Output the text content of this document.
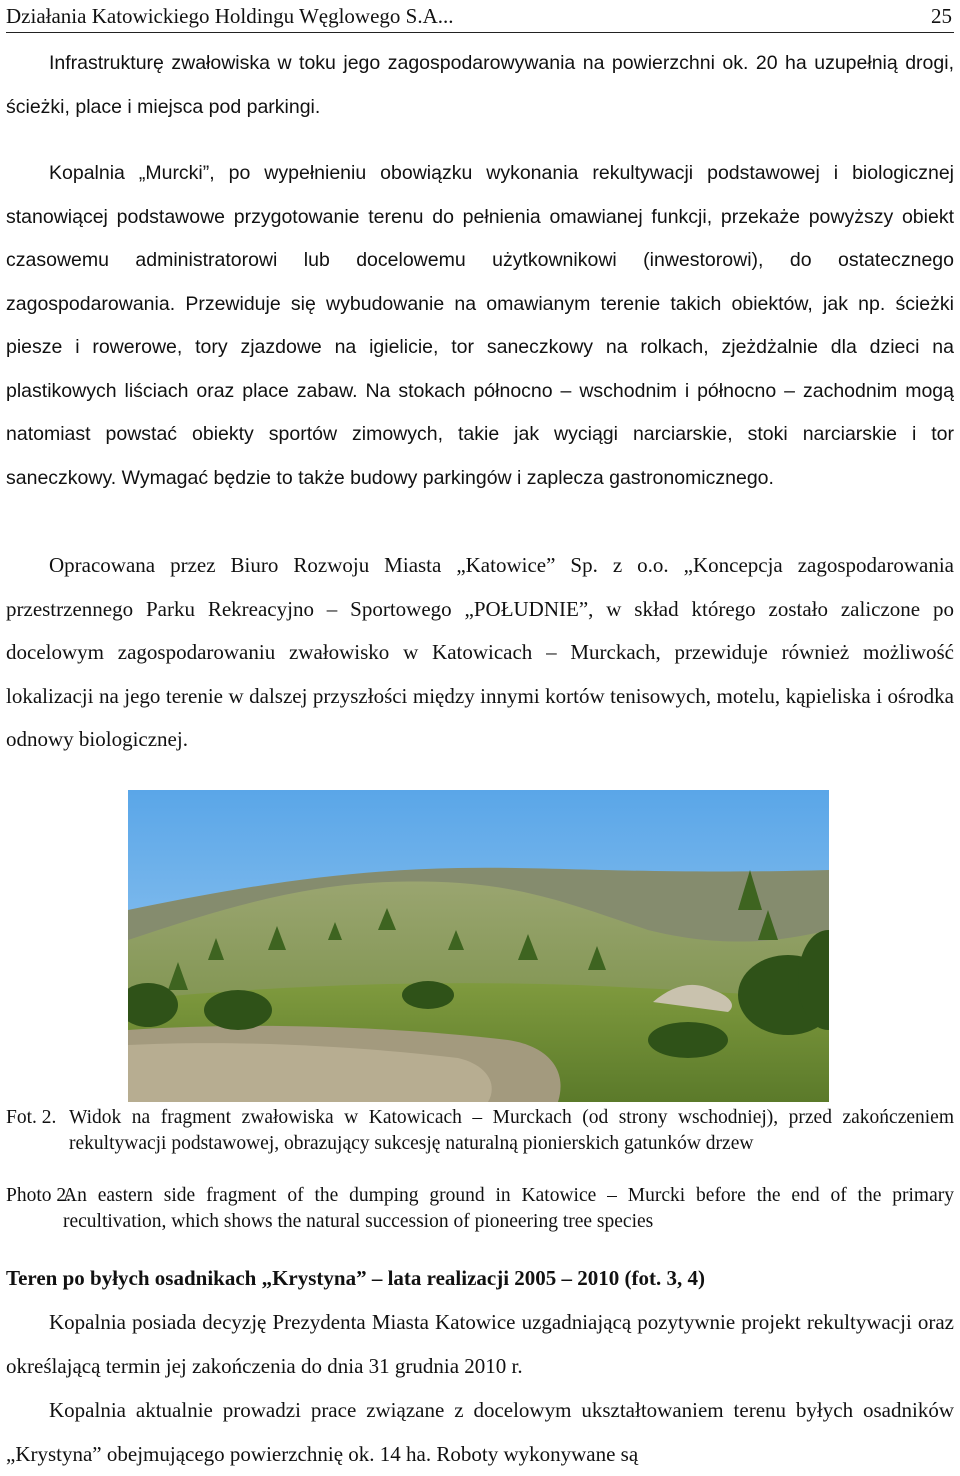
Działania Katowickiego Holdingu Węglowego S.A...	25

Infrastrukturę zwałowiska w toku jego zagospodarowywania na powierzchni ok. 20 ha uzupełnią drogi, ścieżki, place i miejsca pod parkingi.

Kopalnia „Murcki”, po wypełnieniu obowiązku wykonania rekultywacji podstawowej i biologicznej stanowiącej podstawowe przygotowanie terenu do pełnienia omawianej funkcji, przekaże powyższy obiekt czasowemu administratorowi lub docelowemu użytkownikowi (inwestorowi), do ostatecznego zagospodarowania. Przewiduje się wybudowanie na omawianym terenie takich obiektów, jak np. ścieżki piesze i rowerowe, tory zjazdowe na igielicie, tor saneczkowy na rolkach, zjeżdżalnie dla dzieci na plastikowych liściach oraz place zabaw. Na stokach północno – wschodnim i północno – zachodnim mogą natomiast powstać obiekty sportów zimowych, takie jak wyciągi narciarskie, stoki narciarskie i tor saneczkowy. Wymagać będzie to także budowy parkingów i zaplecza gastronomicznego.

Opracowana przez Biuro Rozwoju Miasta „Katowice” Sp. z o.o. „Koncepcja zagospodarowania przestrzennego Parku Rekreacyjno – Sportowego „POŁUDNIE”, w skład którego zostało zaliczone po docelowym zagospodarowaniu zwałowisko w Katowicach – Murckach, przewiduje również możliwość lokalizacji na jego terenie w dalszej przyszłości między innymi kortów tenisowych, motelu, kąpieliska i ośrodka odnowy biologicznej.

Fot. 2. Widok na fragment zwałowiska w Katowicach – Murckach (od strony wschodniej), przed zakończeniem rekultywacji podstawowej, obrazujący sukcesję naturalną pionierskich gatunków drzew

Photo 2.

An eastern side fragment of the dumping ground in Katowice – Murcki before the end of the primary recultivation, which shows the natural succession of pioneering tree species

Teren po byłych osadnikach „Krystyna” – lata realizacji 2005 – 2010 (fot. 3, 4)

Kopalnia posiada decyzję Prezydenta Miasta Katowice uzgadniającą pozytywnie projekt rekultywacji oraz określającą termin jej zakończenia do dnia 31 grudnia 2010 r.

Kopalnia aktualnie prowadzi prace związane z docelowym ukształtowaniem terenu byłych osadników „Krystyna” obejmującego powierzchnię ok. 14 ha. Roboty wykonywane są
